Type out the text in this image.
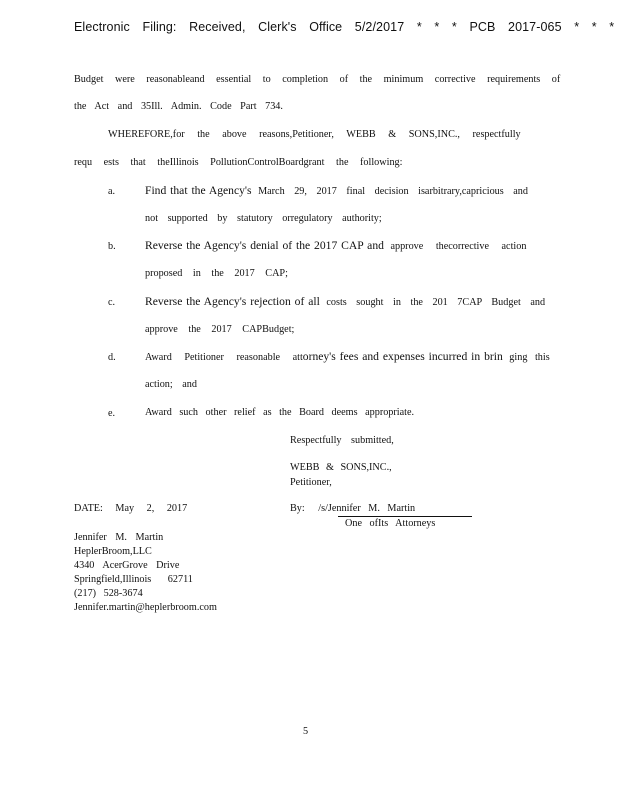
Electronic Filing: Received, Clerk's Office 5/2/2017 * * * PCB 2017-065 * * *
Budget were reasonableand essential to completion of the minimum corrective requirements of
the Act and 35Ill. Admin. Code Part 734.
WHEREFORE,for the above reasons,Petitioner, WEBB & SONS,INC., respectfully
requ ests that theIllinois PollutionControlBoardgrant the following:
a.	Find that the Agency's March 29, 2017 final decision isarbitrary,capricious and
not supported by statutory orregulatory authority;
b.	Reverse the Agency's denial of the 2017 CAP and approve thecorrective action
proposed in the 2017 CAP;
c.	Reverse the Agency's rejection of all costs sought in the 201 7CAP Budget and
approve the 2017 CAPBudget;
d.	Award Petitioner reasonable attorney's fees and expenses incurred in brin ging this
action; and
e.	Award such other relief as the Board deems appropriate.
Respectfully submitted,
WEBB & SONS,INC.,
Petitioner,
DATE: May 2, 2017	By: /s/Jennifer M. Martin
One ofIts Attorneys
Jennifer M. Martin
HeplerBroom,LLC
4340 AcerGrove Drive
Springfield,Illinois 62711
(217) 528-3674
Jennifer.martin@heplerbroom.com
5
